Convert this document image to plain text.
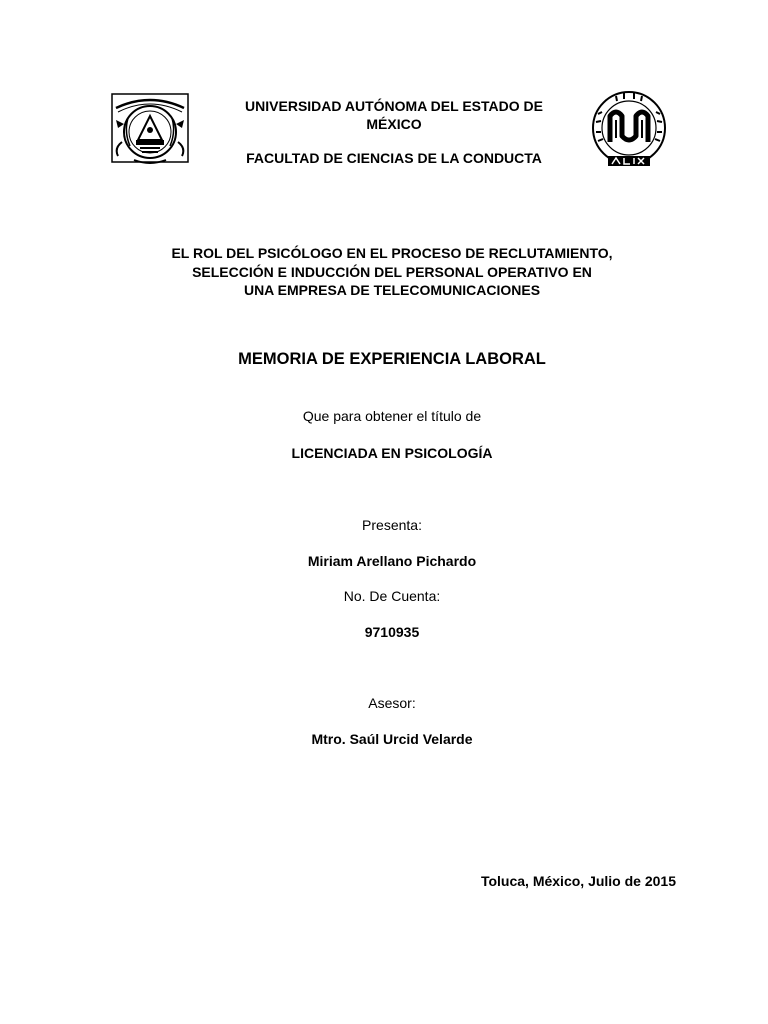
UNIVERSIDAD AUTÓNOMA DEL ESTADO DE
MÉXICO
FACULTAD DE CIENCIAS DE LA CONDUCTA
EL ROL DEL PSICÓLOGO EN EL PROCESO DE RECLUTAMIENTO,
SELECCIÓN E INDUCCIÓN DEL PERSONAL OPERATIVO EN
UNA EMPRESA DE TELECOMUNICACIONES
MEMORIA DE EXPERIENCIA LABORAL
Que para obtener el título de
LICENCIADA EN PSICOLOGÍA
Presenta:
Miriam Arellano Pichardo
No. De Cuenta:
9710935
Asesor:
Mtro. Saúl Urcid Velarde
Toluca, México, Julio de 2015
